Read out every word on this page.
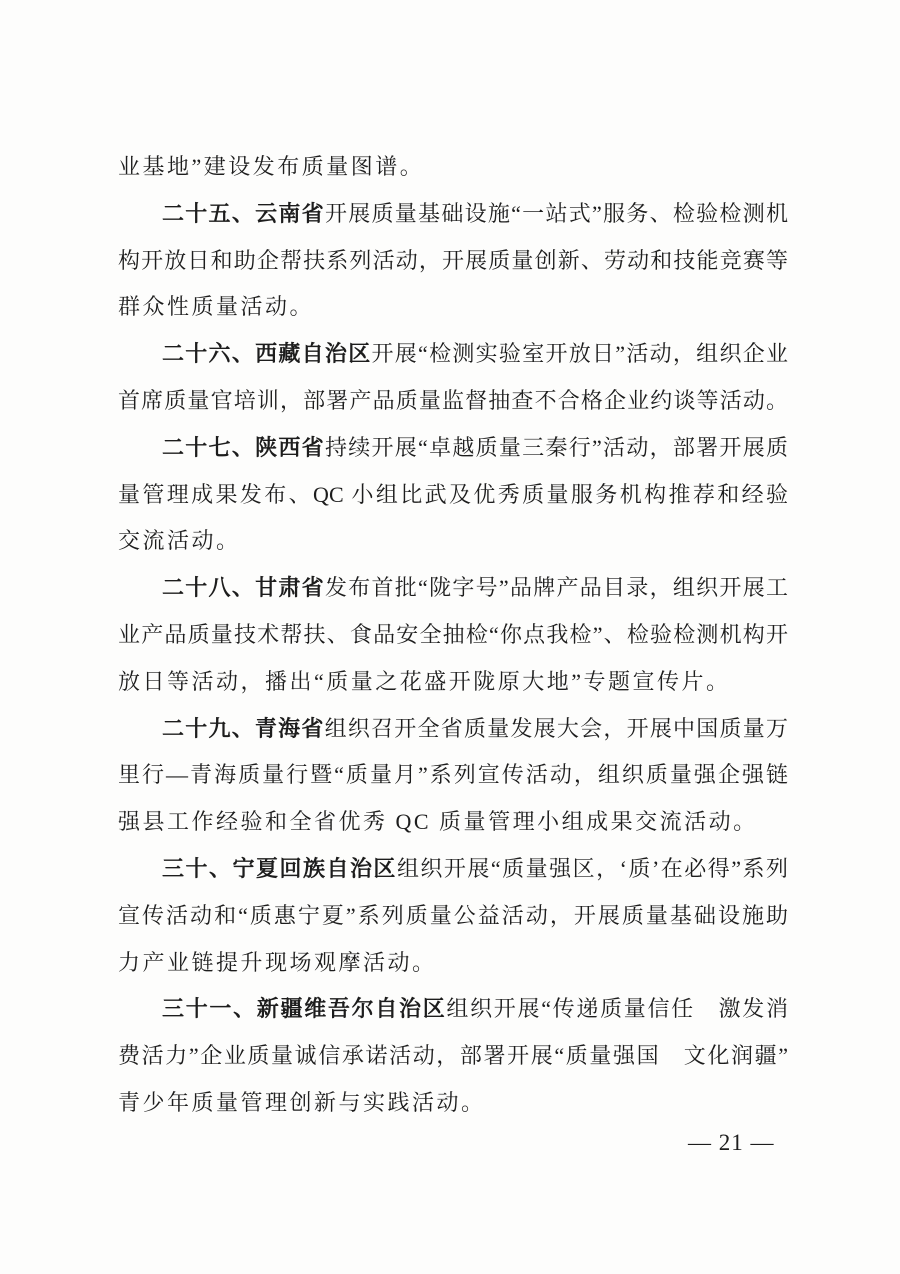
业基地”建设发布质量图谱。
二十五、云南省开展质量基础设施“一站式”服务、检验检测机
构开放日和助企帮扶系列活动，开展质量创新、劳动和技能竞赛等
群众性质量活动。
二十六、西藏自治区开展“检测实验室开放日”活动，组织企业
首席质量官培训，部署产品质量监督抽查不合格企业约谈等活动。
二十七、陕西省持续开展“卓越质量三秦行”活动，部署开展质
量管理成果发布、QC 小组比武及优秀质量服务机构推荐和经验
交流活动。
二十八、甘肃省发布首批“陇字号”品牌产品目录，组织开展工
业产品质量技术帮扶、食品安全抽检“你点我检”、检验检测机构开
放日等活动，播出“质量之花盛开陇原大地”专题宣传片。
二十九、青海省组织召开全省质量发展大会，开展中国质量万
里行—青海质量行暨“质量月”系列宣传活动，组织质量强企强链
强县工作经验和全省优秀 QC 质量管理小组成果交流活动。
三十、宁夏回族自治区组织开展“质量强区，‘质’在必得”系列
宣传活动和“质惠宁夏”系列质量公益活动，开展质量基础设施助
力产业链提升现场观摩活动。
三十一、新疆维吾尔自治区组织开展“传递质量信任　激发消
费活力”企业质量诚信承诺活动，部署开展“质量强国　文化润疆”
青少年质量管理创新与实践活动。
— 21 —
